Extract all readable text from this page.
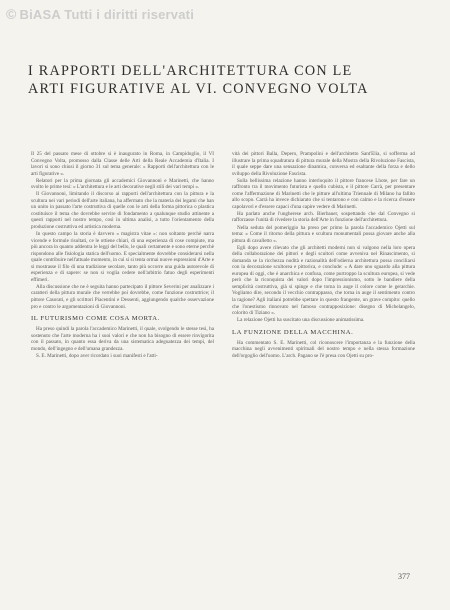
© BiASA Tutti i diritti riservati
I RAPPORTI DELL'ARCHITETTURA CON LE
ARTI FIGURATIVE AL VI. CONVEGNO VOLTA

Il 25 del passato mese di ottobre si è inaugurato in Roma, in Campidoglio, il VI Convegno Volta, promosso dalla Classe delle Arti della Reale Accademia d'Italia. I lavori si sono chiusi il giorno 31 sul tema generale: « Rapporti dell'architettura con le arti figurative ».

Relatori per la prima giornata gli accademici Giovannoni e Marinetti, che hanno svolto le prime tesi: « L'architettura e le arti decorative negli stili dei vari tempi ».

Il Giovannoni, limitando il discorso ai rapporti dell'architettura con la pittura e la scultura nei vari periodi dell'arte italiana, ha affermato che la materia dei legami che han un unito in passato l'arte costruttiva di quelle con le arti della forma pittorica o plastica costituisce il tema che dovrebbe servire di fondamento a qualunque studio attinente a questi rapporti nel nostro tempo, così in ultima analisi, a tutto l'orientamento della produzione costruttiva ed artistica moderna.

In questo campo la storia è davvero « magistra vitae »: non soltanto perchè narra vicende e formule risultati, ce le ottiene chiari, di una esperienza di cose compiute, ma più ancora in quanto addentra le leggi del bello, le quali certamente e sono eterne perchè rispondono alle fisiologia statica dell'uomo. E specialmente dovrebbe considerarsi nella quale contribuire nell'attuale momento, in cui si si tenta ormai nuove espressioni d'Arte e si mostrasse il filo di una tradizione secolare, tanto più occorre una guida autorevole di esperienza e di sapere: se non si voglia cedere nell'arbitrio fatuo degli esperimenti effimeri.

Alla discussione che ne è seguita hanno partecipato il pittore Severini per analizzare i caratteri della pittura murale che verrebbe poi dovrebbe, come funzione costruttrice; il pittore Casorati, e gli scrittori Piacentini e Dessenti, aggiungendo qualche osservazione pro e contro le argomentazioni di Giovannoni.

IL FUTURISMO COME COSA MORTA.

Ha preso quindi la parola l'accademico Marinetti, il quale, svolgendo le stesse tesi, ha sostenuto che l'arte moderna ha i suoi valori e che non ha bisogno di essere rinvigorita con il passato, in quanto essa deriva da una sistematica adeguatezza dei tempi, del mondo, dell'ingegno e dell'umana grandezza.

S. E. Marinetti, dopo aver ricordato i suoi manifesti e l'atti-

vità dei pittori Balla, Depero, Prampolini e dell'architetto Sant'Elia, si sofferma ad illustrare la prima squadratura di pittura murale della Mostra della Rivoluzione Fascista, il quale seppe dare una sensazione dinamica, conversa ed esaltante della forza e dello sviluppo della Rivoluzione Fascista.

Sulla bellissima relazione hanno interloquito il pittore francese Lhote, per fare un raffronto tra il movimento futurista e quello cubista, e il pittore Carrà, per presentare come l'affermazione di Marinetti che le pitture all'ultima Triennale di Milano ha fallito allo scopo. Carrà ha invece dichiarato che si tentarono e con calmo e la ricerca d'essere capolavori e d'essere capaci d'una capire vedere di Marinetti.

Ha parlato anche l'ungherese arch. Bierbauer, sospettando che dal Convegno si rafforzasse l'unità di rivedere la storia dell'Arte in funzione dell'architettura.

Nella seduta del pomeriggio ha preso per primo la parola l'accademico Ojetti sul tema: « Come il ritorno della pittura e scultura monumentali possa giovare anche alla pittura di cavalletto ».

Egli dopo avere rilevato che gli architetti moderni non si valgono nella loro opera della collaborazione dei pittori e degli scultori come avveniva nel Rinascimento, si domanda se la ricchezza nudità e razionalità dell'odierna architettura possa conciliarsi con la decorazione scultorea e pittorica, e conclude: « A dare uno sguardo alla pittura europea di oggi, che è anarchica e confusa, come purtroppo la scultura europea, si vede però che la riconquista dei valori dopo l'impressionismo, sotto le bandiere della semplicità costruttiva, già si spinge e che torna in auge il colore come le gerarchie. Vogliamo dire, secondo il vecchio contrappasso, che torna in auge il sentimento contro la ragione? Agli italiani potrebbe spettare in questo frangente, un grave compito: quello che l'onestismo rinnovato nel famoso contrapposizione: disegno di Michelangelo, colorito di Tiziano ».

La relazione Ojetti ha suscitato una discussione animatissima.

LA FUNZIONE DELLA MACCHINA.

Ha commentato S. E. Marinetti, col riconoscere l'importanza e la funzione della macchina negli avvenimenti spirituali del nostro tempo e nella stessa formazione dell'orgoglio dell'uomo. L'arch. Pagano se l'è presa con Ojetti su pro-

377
